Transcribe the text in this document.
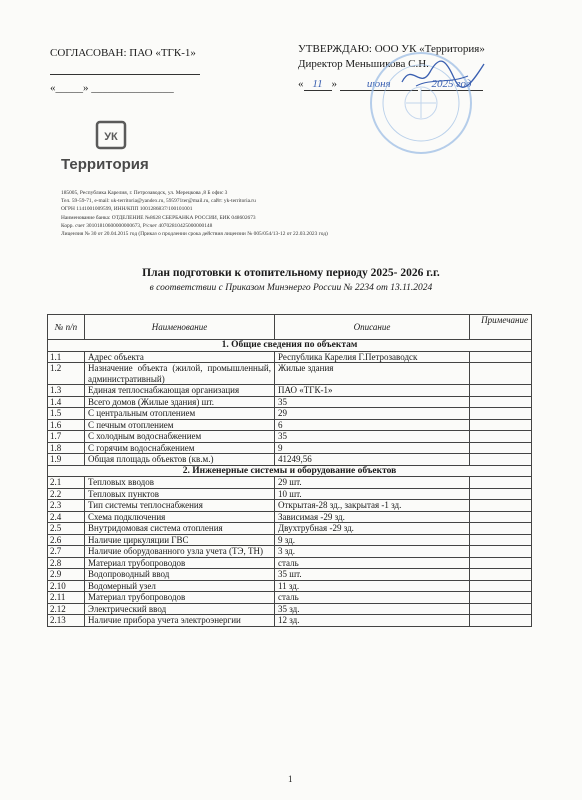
СОГЛАСОВАН: ПАО «ТГК-1»
«_____» _______________
УТВЕРЖДАЮ: ООО УК «Территория»
Директор Меньшикова С.Н.
« 11 » июня	2025 год
УК
Территория
185005, Республика Карелия, г. Петрозаводск, ул. Мерецкова ,8 Б офис 3
Тел. 59-59-71, e-mail: uk-territoria@yandex.ru, 595971ter@mail.ru, сайт: yk-territoria.ru
ОГРН 1141001009599, ИНН/КПП 1001286837/100101001
Наименование банка: ОТДЕЛЕНИЕ №8628 СБЕРБАНКА РОССИИ, БИК 048602673
Корр. счет 30101810600000000673, Р/счет 40702810425000000148
Лицензия № 30 от 20.04.2015 год (Приказ о продлении срока действия лицензии № 005/054/13-12 от 22.03.2023 год)
План подготовки к отопительному периоду 2025- 2026 г.г.
в соответствии с Приказом Минэнерго России № 2234 от 13.11.2024
№ п/п	Наименование	Описание	Примечание
1. Общие сведения по объектам			
1.1	Адрес объекта	Республика Карелия Г.Петрозаводск	
1.2	Назначение объекта (жилой, промышленный, административный)	Жилые здания	
1.3	Единая теплоснабжающая организация	ПАО «ТГК-1»	
1.4	Всего домов (Жилые здания) шт.	35	
1.5	С центральным отоплением	29	
1.6	С печным отоплением	6	
1.7	С холодным водоснабжением	35	
1.8	С горячим водоснабжением	9	
1.9	Общая площадь объектов (кв.м.)	41249,56	
2. Инженерные системы и оборудование объектов			
2.1	Тепловых вводов	29 шт.	
2.2	Тепловых пунктов	10 шт.	
2.3	Тип системы теплоснабжения	Открытая-28 зд., закрытая -1 зд.	
2.4	Схема подключения	Зависимая -29 зд.	
2.5	Внутридомовая система отопления	Двухтрубная -29 зд.	
2.6	Наличие циркуляции ГВС	9 зд.	
2.7	Наличие оборудованного узла учета (ТЭ, ТН)	3 зд.	
2.8	Материал трубопроводов	сталь	
2.9	Водопроводный ввод	35 шт.	
2.10	Водомерный узел	11 зд.	
2.11	Материал трубопроводов	сталь	
2.12	Электрический ввод	35 зд.	
2.13	Наличие прибора учета электроэнергии	12 зд.	
1
